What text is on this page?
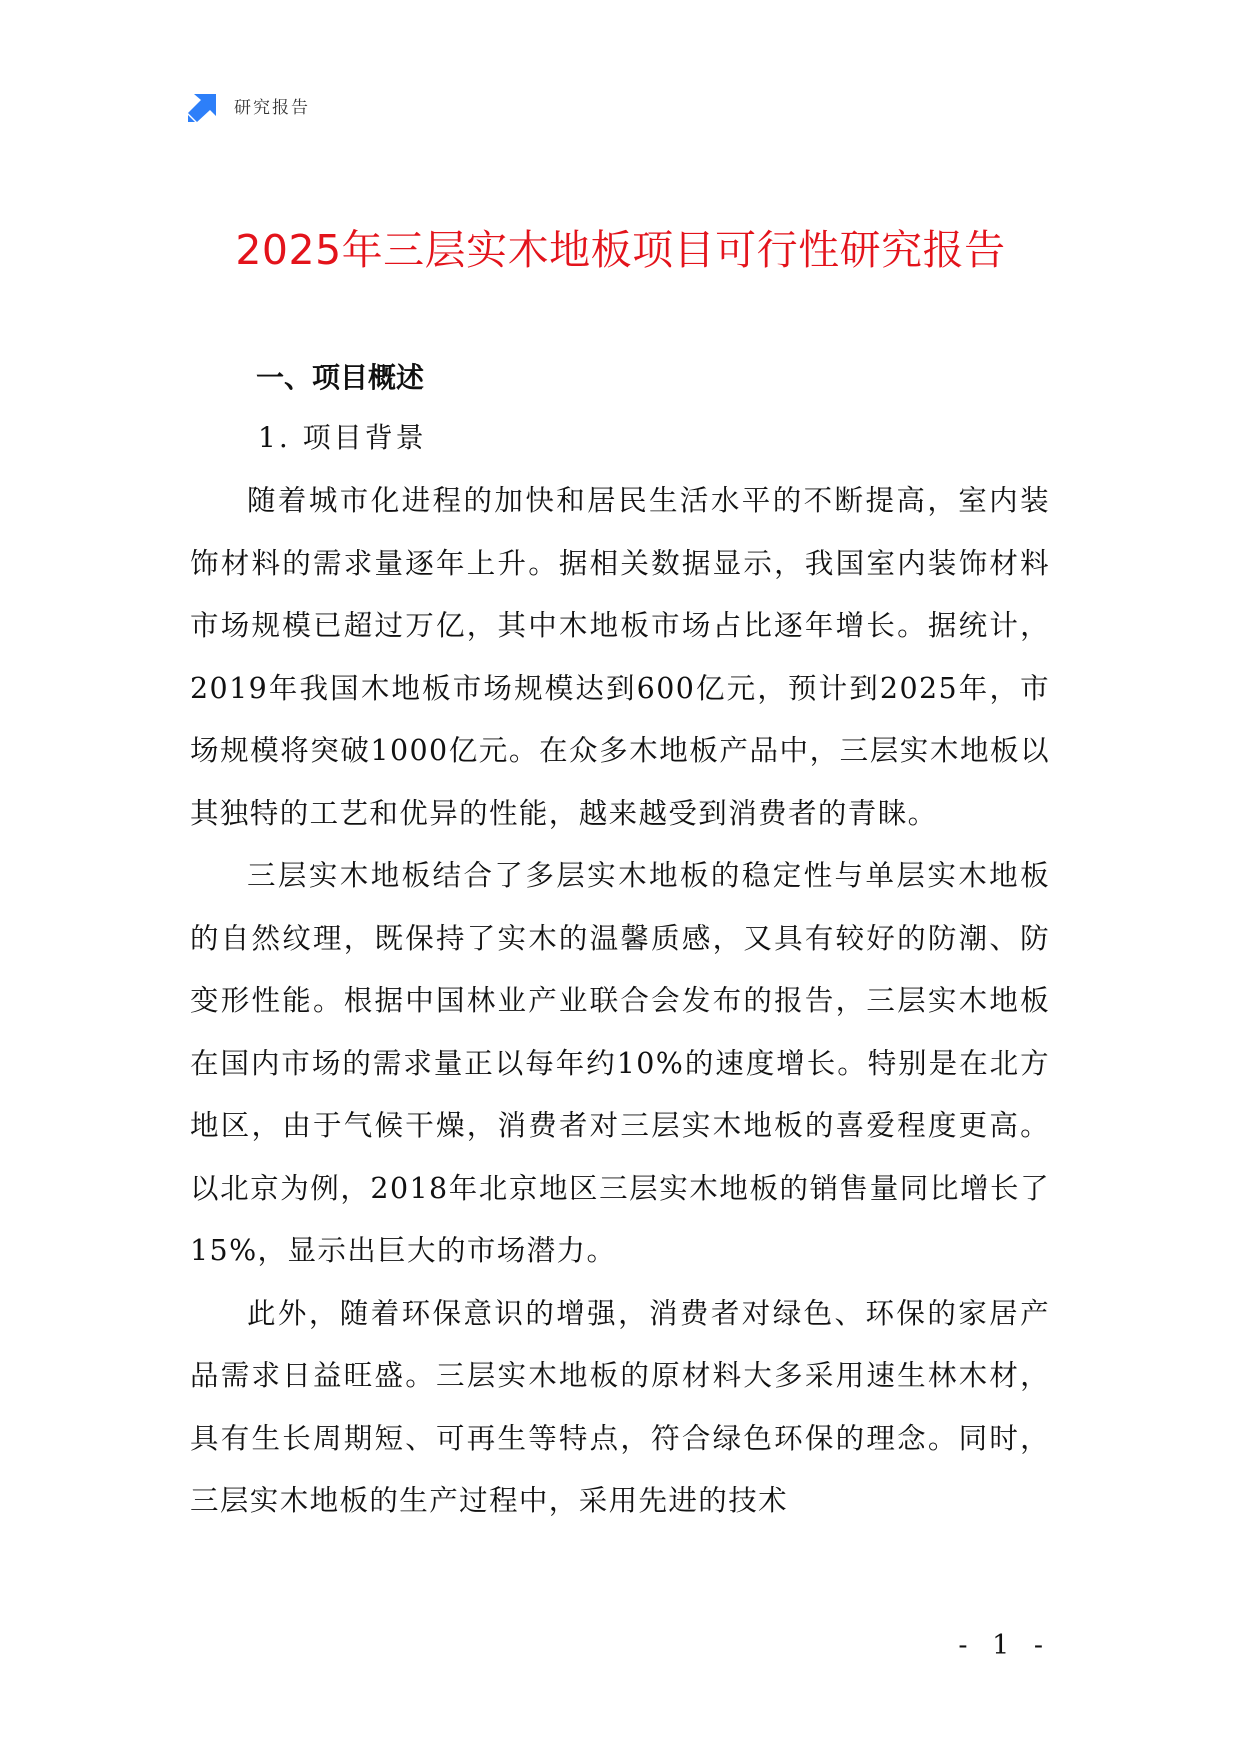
研究报告
2025年三层实木地板项目可行性研究报告
一、项目概述
1. 项目背景

随着城市化进程的加快和居民生活水平的不断提高，室内装饰材料的需求量逐年上升。据相关数据显示，我国室内装饰材料市场规模已超过万亿，其中木地板市场占比逐年增长。据统计，2019年我国木地板市场规模达到600亿元，预计到2025年，市场规模将突破1000亿元。在众多木地板产品中，三层实木地板以其独特的工艺和优异的性能，越来越受到消费者的青睐。

三层实木地板结合了多层实木地板的稳定性与单层实木地板的自然纹理，既保持了实木的温馨质感，又具有较好的防潮、防变形性能。根据中国林业产业联合会发布的报告，三层实木地板在国内市场的需求量正以每年约10%的速度增长。特别是在北方地区，由于气候干燥，消费者对三层实木地板的喜爱程度更高。以北京为例，2018年北京地区三层实木地板的销售量同比增长了15%，显示出巨大的市场潜力。

此外，随着环保意识的增强，消费者对绿色、环保的家居产品需求日益旺盛。三层实木地板的原材料大多采用速生林木材，具有生长周期短、可再生等特点，符合绿色环保的理念。同时，三层实木地板的生产过程中，采用先进的技术

- 1 -
